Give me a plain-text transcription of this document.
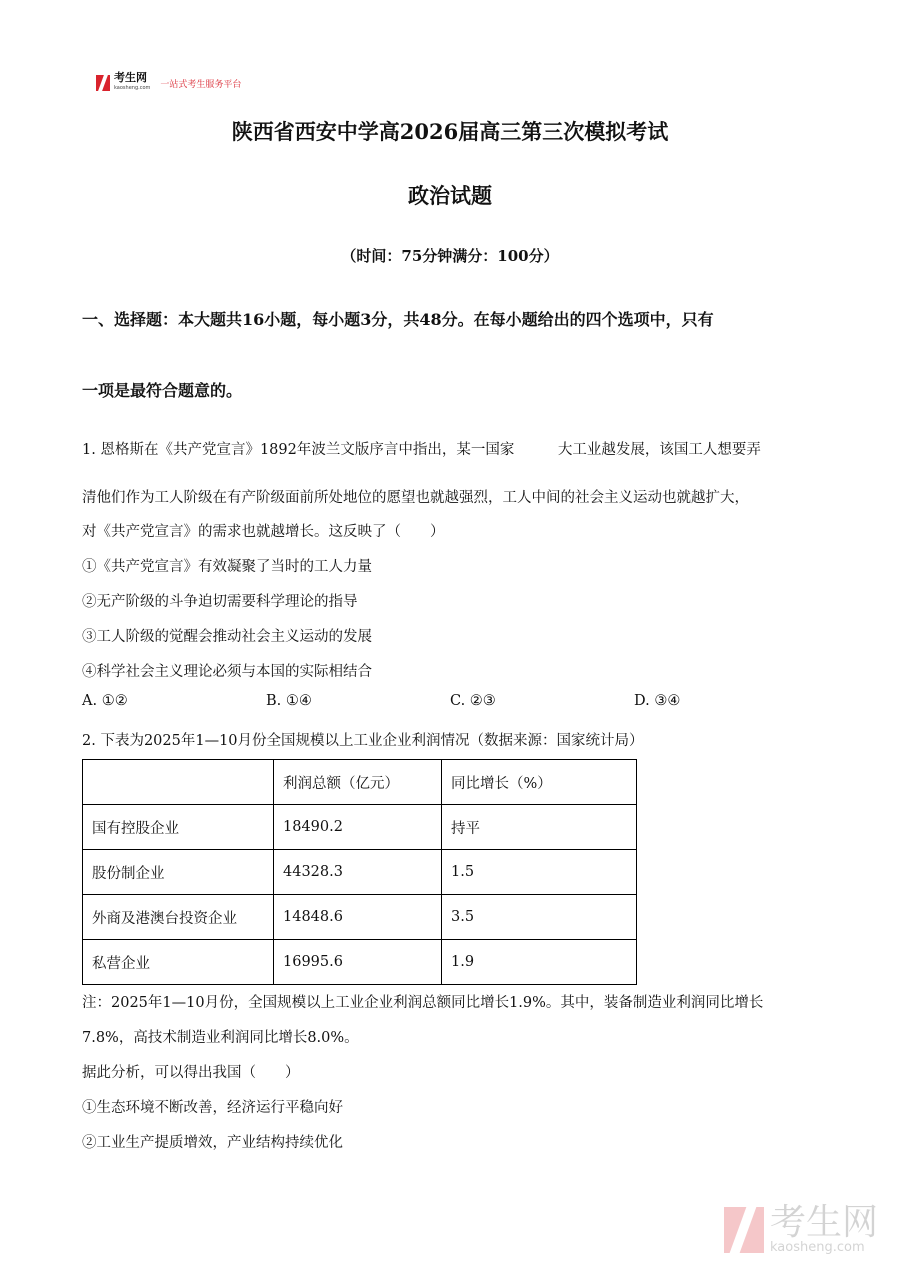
考生网
kaosheng.com 一站式考生服务平台
陕西省西安中学高2026届高三第三次模拟考试
政治试题
（时间：75分钟满分：100分）
一、选择题：本大题共16小题，每小题3分，共48分。在每小题给出的四个选项中，只有
一项是最符合题意的。
1. 恩格斯在《共产党宣言》1892年波兰文版序言中指出，某一国家　　　大工业越发展，该国工人想要弄
清他们作为工人阶级在有产阶级面前所处地位的愿望也就越强烈，工人中间的社会主义运动也就越扩大，
对《共产党宣言》的需求也就越增长。这反映了（　　）
①《共产党宣言》有效凝聚了当时的工人力量
②无产阶级的斗争迫切需要科学理论的指导
③工人阶级的觉醒会推动社会主义运动的发展
④科学社会主义理论必须与本国的实际相结合
A. ①②	B. ①④	C. ②③	D. ③④
2. 下表为2025年1—10月份全国规模以上工业企业利润情况（数据来源：国家统计局）
	利润总额（亿元）	同比增长（%）
国有控股企业	18490.2	持平
股份制企业	44328.3	1.5
外商及港澳台投资企业	14848.6	3.5
私营企业	16995.6	1.9
注：2025年1—10月份，全国规模以上工业企业利润总额同比增长1.9%。其中，装备制造业利润同比增长
7.8%，高技术制造业利润同比增长8.0%。
据此分析，可以得出我国（　　）
①生态环境不断改善，经济运行平稳向好
②工业生产提质增效，产业结构持续优化
考生网
kaosheng.com
